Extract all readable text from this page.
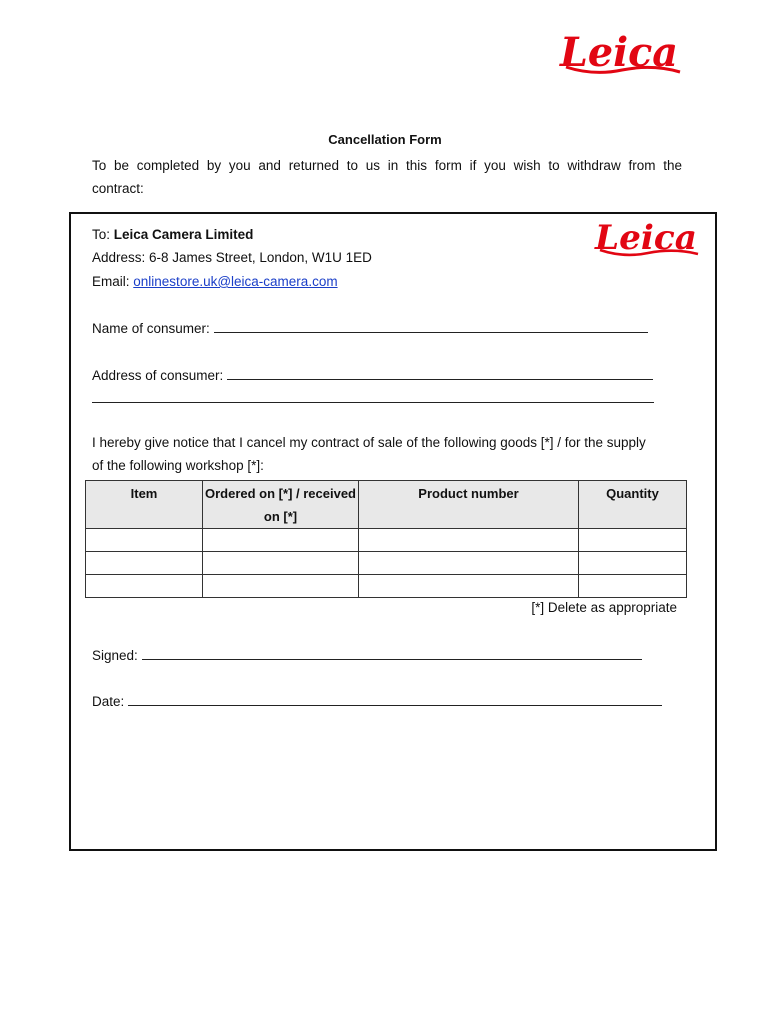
Leica
Cancellation Form
To be completed by you and returned to us in this form if you wish to withdraw from the
contract:
Leica
To: Leica Camera Limited
Address: 6-8 James Street, London, W1U 1ED
Email: onlinestore.uk@leica-camera.com
Name of consumer:
Address of consumer:
I hereby give notice that I cancel my contract of sale of the following goods [*] / for the supply
of the following workshop [*]:
Item	Ordered on [*] / received on [*]	Product number	Quantity

[*] Delete as appropriate
Signed:
Date:
